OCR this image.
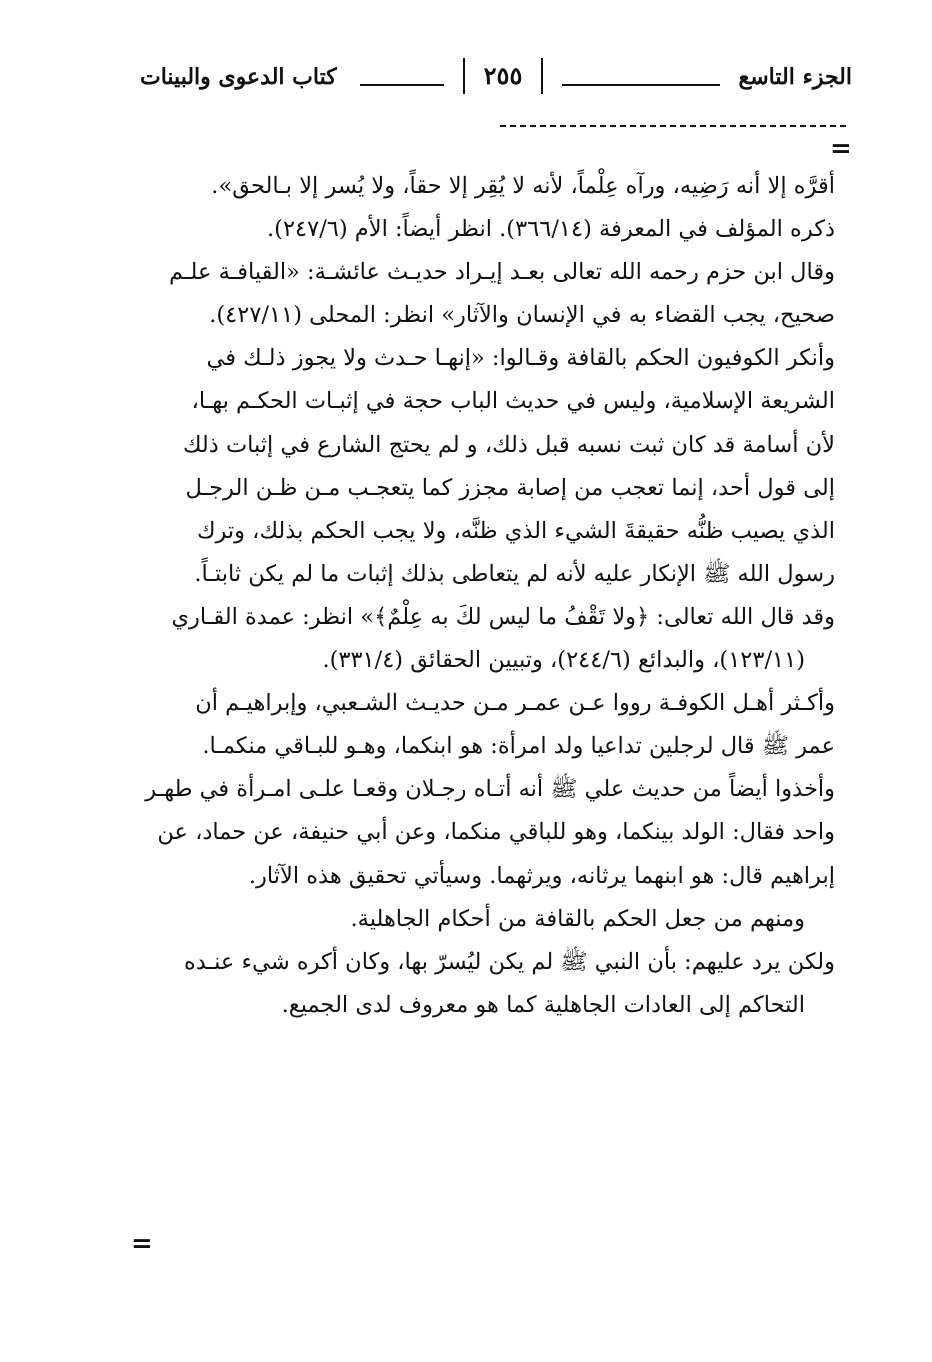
الجزء التاسع
٢٥٥
كتاب الدعوى والبينات
=
أقرَّه إلا أنه رَضِيه، ورآه عِلْماً، لأنه لا يُقِر إلا حقاً، ولا يُسر إلا بـالحق».
ذكره المؤلف في المعرفة (٣٦٦/١٤). انظر أيضاً: الأم (٢٤٧/٦).
وقال ابن حزم رحمه الله تعالى بعـد إيـراد حديـث عائشـة: «القيافـة علـم
صحيح، يجب القضاء به في الإنسان والآثار» انظر: المحلى (٤٢٧/١١).
وأنكر الكوفيون الحكم بالقافة وقـالوا: «إنهـا حـدث ولا يجوز ذلـك في
الشريعة الإسلامية، وليس في حديث الباب حجة في إثبـات الحكـم بهـا،
لأن أسامة قد كان ثبت نسبه قبل ذلك، و لم يحتج الشارع في إثبات ذلك
إلى قول أحد، إنما تعجب من إصابة مجزز كما يتعجـب مـن ظـن الرجـل
الذي يصيب ظنُّه حقيقةَ الشيء الذي ظنَّه، ولا يجب الحكم بذلك، وترك
رسول الله ﷺ الإنكار عليه لأنه لم يتعاطى بذلك إثبات ما لم يكن ثابتـاً.
وقد قال الله تعالى: ﴿ولا تَقْفُ ما ليس لكَ به عِلْمٌ﴾» انظر: عمدة القـاري
(١٢٣/١١)، والبدائع (٢٤٤/٦)، وتبيين الحقائق (٣٣١/٤).
وأكـثر أهـل الكوفـة رووا عـن عمـر مـن حديـث الشـعبي، وإبراهيـم أن
عمر ﷺ قال لرجلين تداعيا ولد امرأة: هو ابنكما، وهـو للبـاقي منكمـا.
وأخذوا أيضاً من حديث علي ﷺ أنه أتـاه رجـلان وقعـا علـى امـرأة في طهـر
واحد فقال: الولد بينكما، وهو للباقي منكما، وعن أبي حنيفة، عن حماد، عن
إبراهيم قال: هو ابنهما يرثانه، ويرثهما. وسيأتي تحقيق هذه الآثار.
ومنهم من جعل الحكم بالقافة من أحكام الجاهلية.
ولكن يرد عليهم: بأن النبي ﷺ لم يكن ليُسرّ بها، وكان أكره شيء عنـده
التحاكم إلى العادات الجاهلية كما هو معروف لدى الجميع.
=
